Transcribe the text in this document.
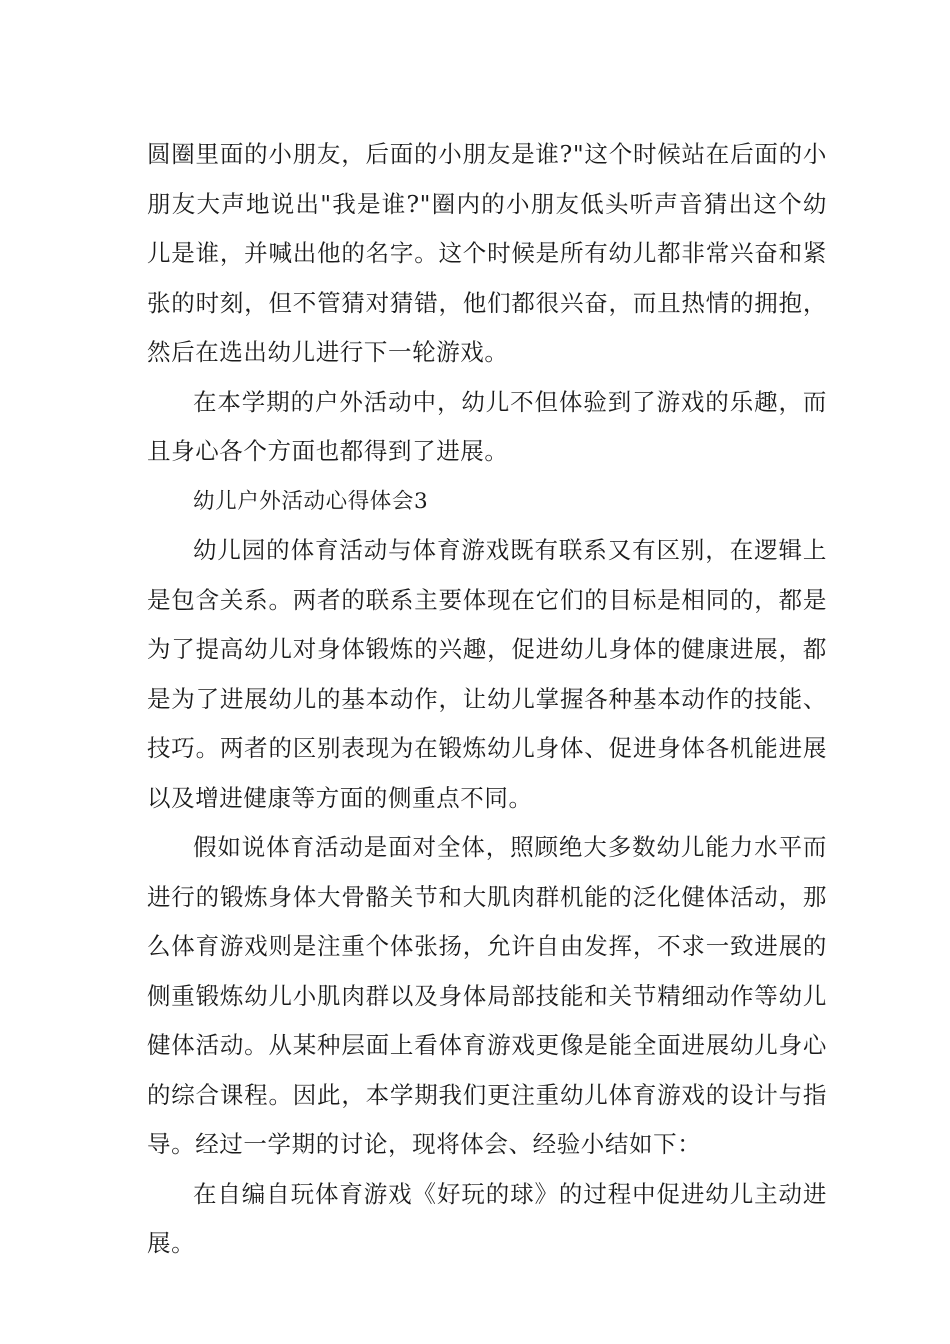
圆圈里面的小朋友，后面的小朋友是谁?"这个时候站在后面的小朋友大声地说出"我是谁?"圈内的小朋友低头听声音猜出这个幼儿是谁，并喊出他的名字。这个时候是所有幼儿都非常兴奋和紧张的时刻，但不管猜对猜错，他们都很兴奋，而且热情的拥抱，然后在选出幼儿进行下一轮游戏。

在本学期的户外活动中，幼儿不但体验到了游戏的乐趣，而且身心各个方面也都得到了进展。

幼儿户外活动心得体会3

幼儿园的体育活动与体育游戏既有联系又有区别，在逻辑上是包含关系。两者的联系主要体现在它们的目标是相同的，都是为了提高幼儿对身体锻炼的兴趣，促进幼儿身体的健康进展，都是为了进展幼儿的基本动作，让幼儿掌握各种基本动作的技能、技巧。两者的区别表现为在锻炼幼儿身体、促进身体各机能进展以及增进健康等方面的侧重点不同。

假如说体育活动是面对全体，照顾绝大多数幼儿能力水平而进行的锻炼身体大骨骼关节和大肌肉群机能的泛化健体活动，那么体育游戏则是注重个体张扬，允许自由发挥，不求一致进展的侧重锻炼幼儿小肌肉群以及身体局部技能和关节精细动作等幼儿健体活动。从某种层面上看体育游戏更像是能全面进展幼儿身心的综合课程。因此，本学期我们更注重幼儿体育游戏的设计与指导。经过一学期的讨论，现将体会、经验小结如下：

在自编自玩体育游戏《好玩的球》的过程中促进幼儿主动进展。
